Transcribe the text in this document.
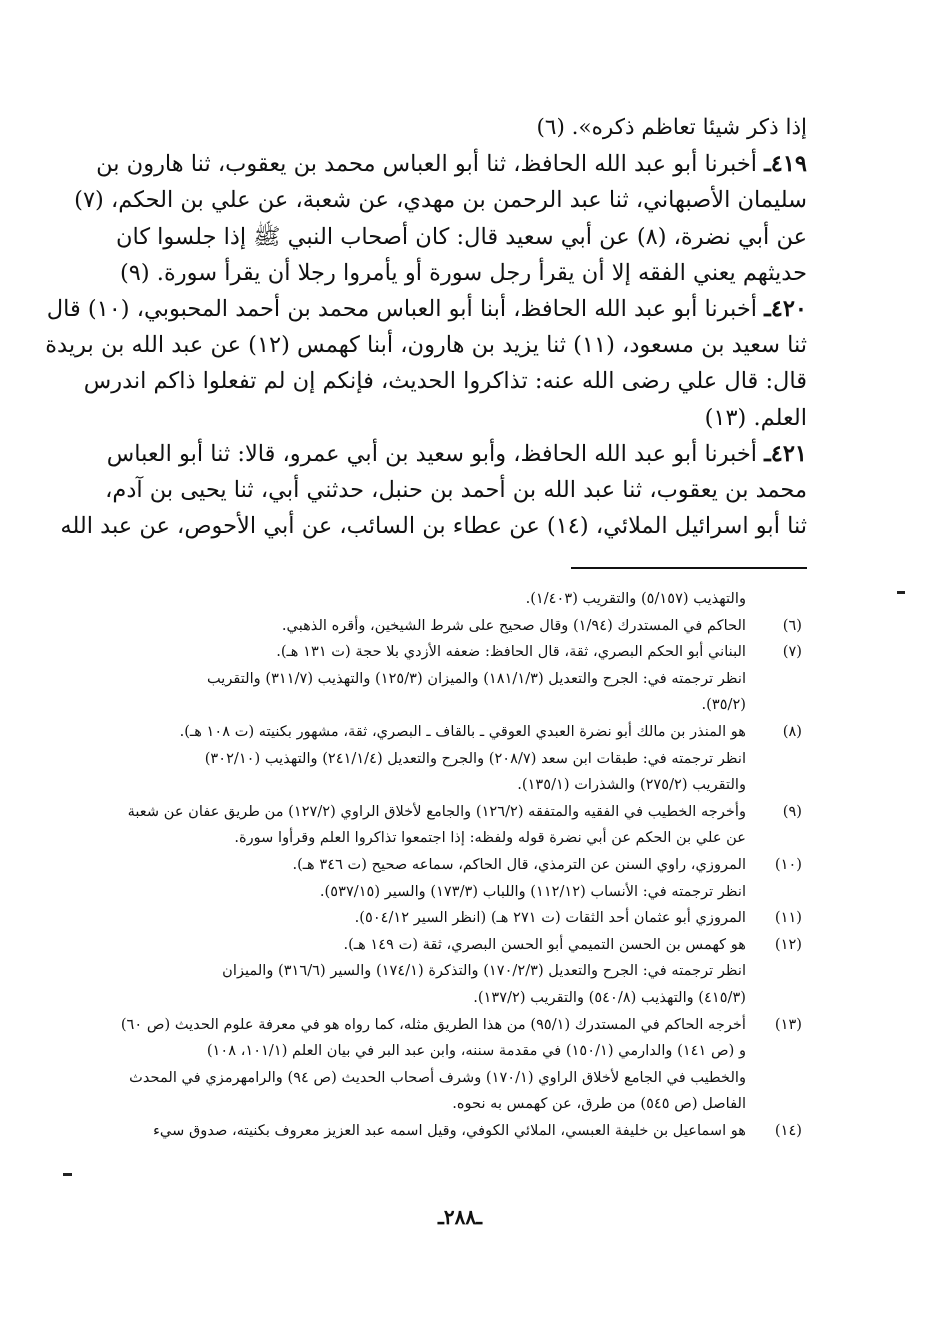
إذا ذكر شيئا تعاظم ذكره». (٦)
٤١٩ـ أخبرنا أبو عبد الله الحافظ، ثنا أبو العباس محمد بن يعقوب، ثنا هارون بن
سليمان الأصبهاني، ثنا عبد الرحمن بن مهدي، عن شعبة، عن علي بن الحكم، (٧)
عن أبي نضرة، (٨) عن أبي سعيد قال: كان أصحاب النبي ﷺ إذا جلسوا كان
حديثهم يعني الفقه إلا أن يقرأ رجل سورة أو يأمروا رجلا أن يقرأ سورة. (٩)
٤٢٠ـ أخبرنا أبو عبد الله الحافظ، أبنا أبو العباس محمد بن أحمد المحبوبي، (١٠) قال
ثنا سعيد بن مسعود، (١١) ثنا يزيد بن هارون، أبنا كهمس (١٢) عن عبد الله بن بريدة
قال: قال علي رضى الله عنه: تذاكروا الحديث، فإنكم إن لم تفعلوا ذاكم اندرس
العلم. (١٣)
٤٢١ـ أخبرنا أبو عبد الله الحافظ، وأبو سعيد بن أبي عمرو، قالا: ثنا أبو العباس
محمد بن يعقوب، ثنا عبد الله بن أحمد بن حنبل، حدثني أبي، ثنا يحيى بن آدم،
ثنا أبو اسرائيل الملائي، (١٤) عن عطاء بن السائب، عن أبي الأحوص، عن عبد الله
والتهذيب (٥/١٥٧) والتقريب (١/٤٠٣).
(٦)
الحاكم في المستدرك (١/٩٤) وقال صحيح على شرط الشيخين، وأقره الذهبي.
(٧)
البناني أبو الحكم البصري، ثقة، قال الحافظ: ضعفه الأزدي بلا حجة (ت ١٣١ هـ).
انظر ترجمته في: الجرح والتعديل (١٨١/١/٣) والميزان (١٢٥/٣) والتهذيب (٣١١/٧) والتقريب
(٣٥/٢).
(٨)
هو المنذر بن مالك أبو نضرة العبدي العوقي ـ بالقاف ـ البصري، ثقة، مشهور بكنيته (ت ١٠٨ هـ).
انظر ترجمته في: طبقات ابن سعد (٢٠٨/٧) والجرح والتعديل (٢٤١/١/٤) والتهذيب (٣٠٢/١٠)
والتقريب (٢٧٥/٢) والشذرات (١٣٥/١).
(٩)
وأخرجه الخطيب في الفقيه والمتفقه (١٢٦/٢) والجامع لأخلاق الراوي (١٢٧/٢) من طريق عفان عن شعبة
عن علي بن الحكم عن أبي نضرة قوله ولفظه: إذا اجتمعوا تذاكروا العلم وقرأوا سورة.
(١٠)
المروزي، راوي السنن عن الترمذي، قال الحاكم، سماعه صحيح (ت ٣٤٦ هـ).
انظر ترجمته في: الأنساب (١١٢/١٢) واللباب (١٧٣/٣) والسير (٥٣٧/١٥).
(١١)
المروزي أبو عثمان أحد الثقات (ت ٢٧١ هـ) (انظر السير ٥٠٤/١٢).
(١٢)
هو كهمس بن الحسن التميمي أبو الحسن البصري، ثقة (ت ١٤٩ هـ).
انظر ترجمته في: الجرح والتعديل (١٧٠/٢/٣) والتذكرة (١٧٤/١) والسير (٣١٦/٦) والميزان
(٤١٥/٣) والتهذيب (٥٤٠/٨) والتقريب (١٣٧/٢).
(١٣)
أخرجه الحاكم في المستدرك (٩٥/١) من هذا الطريق مثله، كما رواه هو في معرفة علوم الحديث (ص ٦٠)
و (ص ١٤١) والدارمي (١٥٠/١) في مقدمة سننه، وابن عبد البر في بيان العلم (١٠١/١، ١٠٨)
والخطيب في الجامع لأخلاق الراوي (١٧٠/١) وشرف أصحاب الحديث (ص ٩٤) والرامهرمزي في المحدث
الفاصل (ص ٥٤٥) من طرق، عن كهمس به نحوه.
(١٤)
هو اسماعيل بن خليفة العبسي، الملائي الكوفي، وقيل اسمه عبد العزيز معروف بكنيته، صدوق سيء
ـ٢٨٨ـ
